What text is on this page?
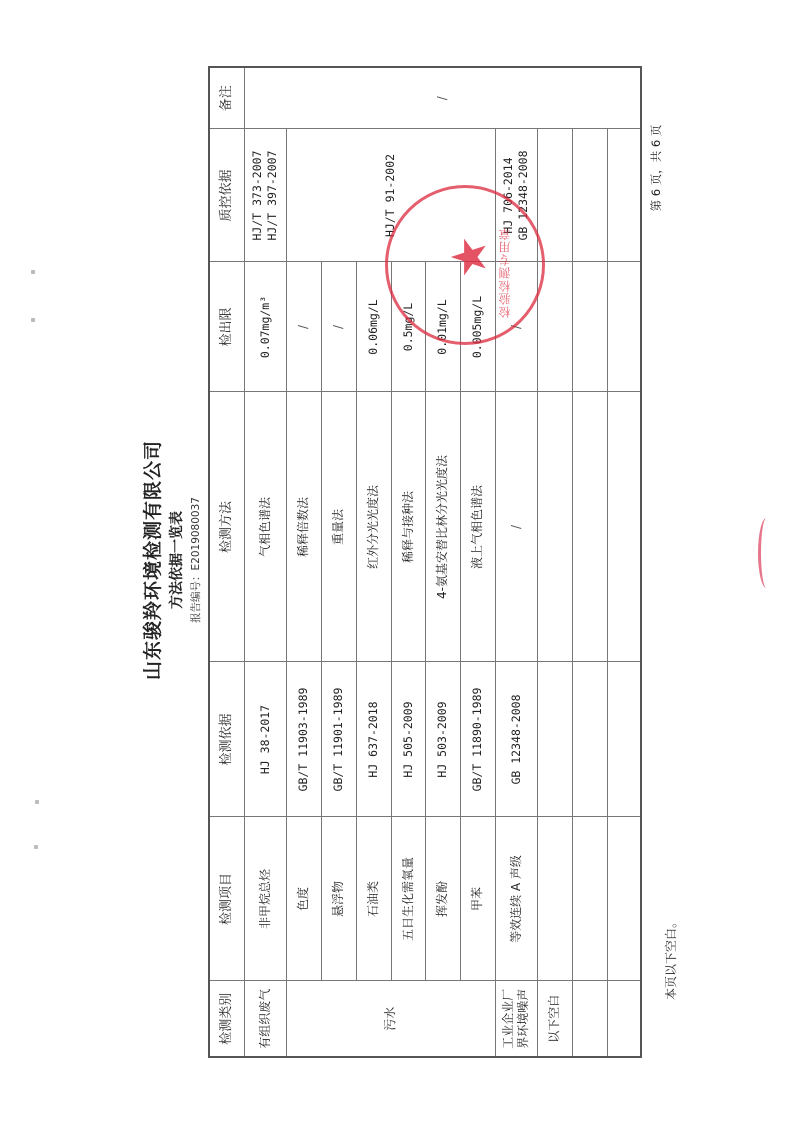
山东骏羚环境检测有限公司 方法依据一览表 报告编号：E2019080037
检测类别	检测项目	检测依据	检测方法	检出限	质控依据	备注
有组织废气	非甲烷总烃	HJ 38-2017	气相色谱法	0.07mg/m³	HJ/T 373-2007 HJ/T 397-2007	/
污水	色度	GB/T 11903-1989	稀释倍数法	/	HJ/T 91-2002	
	悬浮物	GB/T 11901-1989	重量法	/		
	石油类	HJ 637-2018	红外分光光度法	0.06mg/L		
	五日生化需氧量	HJ 505-2009	稀释与接种法	0.5mg/L		
	挥发酚	HJ 503-2009	4-氨基安替比林分光光度法	0.01mg/L		
	甲苯	GB/T 11890-1989	液上气相色谱法	0.005mg/L		
工业企业厂界环境噪声	等效连续 A 声级	GB 12348-2008	/	/	HJ 706-2014 GB 12348-2008	

以下空白						

第 6 页，共 6 页
本页以下空白。
★ 检验检测专用章
